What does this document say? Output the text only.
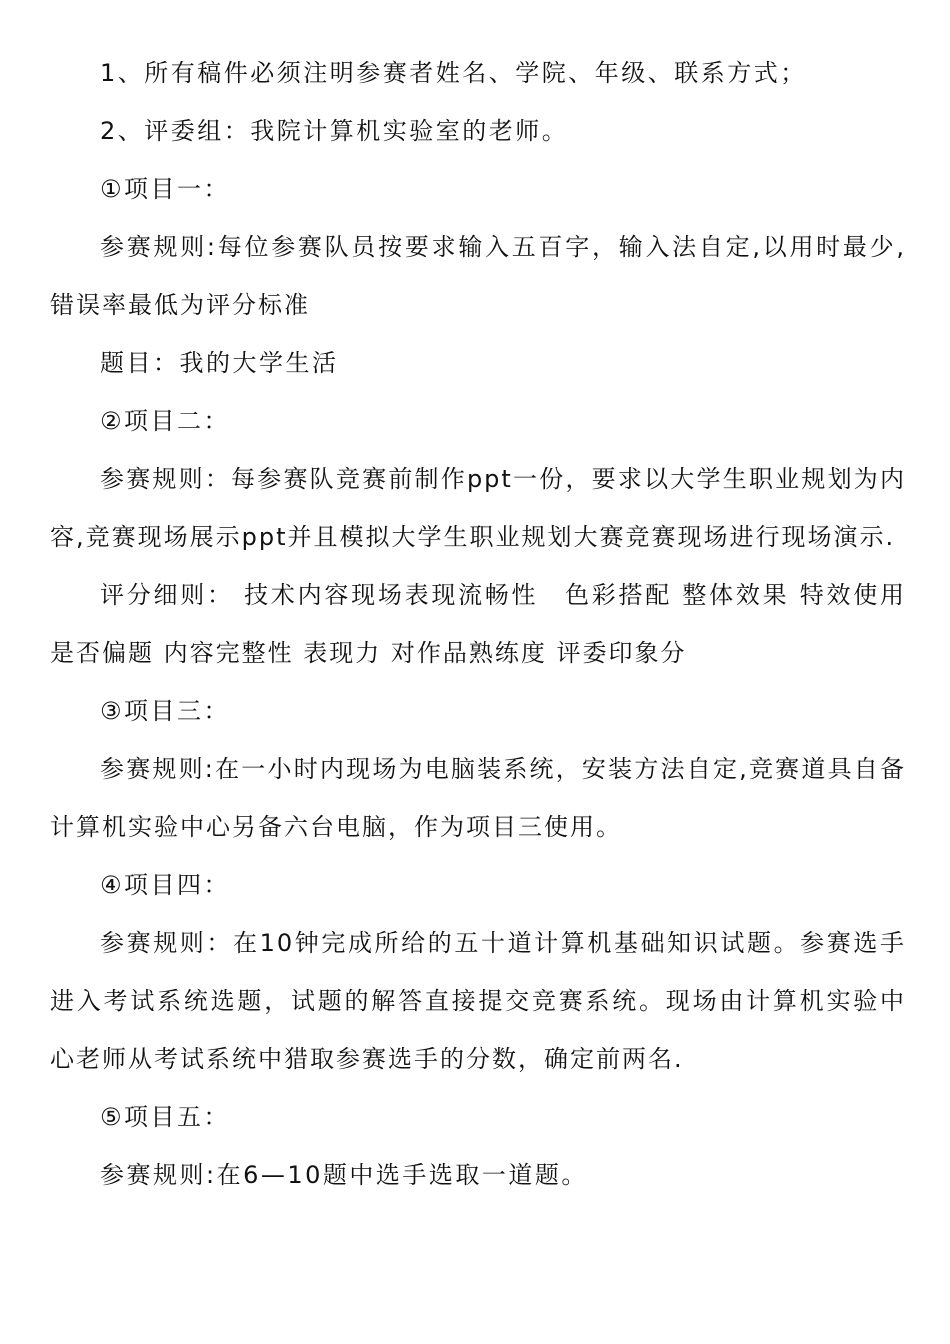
1、所有稿件必须注明参赛者姓名、学院、年级、联系方式；

2、评委组：我院计算机实验室的老师。

①项目一：

参赛规则:每位参赛队员按要求输入五百字，输入法自定,以用时最少,错误率最低为评分标准

题目：我的大学生活

②项目二：

参赛规则：每参赛队竞赛前制作ppt一份，要求以大学生职业规划为内容,竞赛现场展示ppt并且模拟大学生职业规划大赛竞赛现场进行现场演示.

评分细则： 技术内容现场表现流畅性　色彩搭配 整体效果 特效使用 是否偏题 内容完整性 表现力 对作品熟练度 评委印象分

③项目三：

参赛规则:在一小时内现场为电脑装系统，安装方法自定,竞赛道具自备计算机实验中心另备六台电脑，作为项目三使用。

④项目四：

参赛规则：在10钟完成所给的五十道计算机基础知识试题。参赛选手进入考试系统选题，试题的解答直接提交竞赛系统。现场由计算机实验中心老师从考试系统中猎取参赛选手的分数，确定前两名.

⑤项目五：

参赛规则:在6—10题中选手选取一道题。
